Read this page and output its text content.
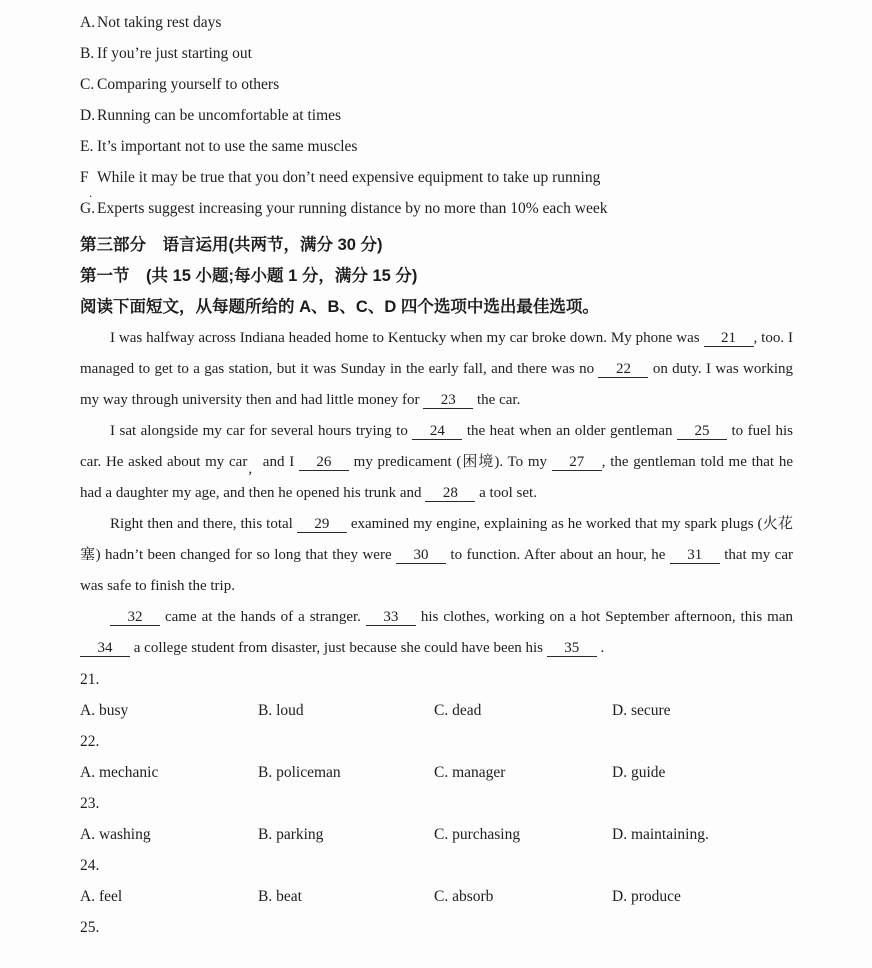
A. Not taking rest days

B. If you’re just starting out

C. Comparing yourself to others

D. Running can be uncomfortable at times

E. It’s important not to use the same muscles

F While it may be true that you don’t need expensive equipment to take up running
.

G. Experts suggest increasing your running distance by no more than 10% each week

第三部分　语言运用(共两节，满分 30 分)

第一节　(共 15 小题;每小题 1 分，满分 15 分)

阅读下面短文，从每题所给的 A、B、C、D 四个选项中选出最佳选项。

I was halfway across Indiana headed home to Kentucky when my car broke down. My phone was 21 , too. I managed to get to a gas station, but it was Sunday in the early fall, and there was no 22 on duty. I was working my way through university then and had little money for 23 the car.

I sat alongside my car for several hours trying to 24 the heat when an older gentleman 25 to fuel his car. He asked about my car, and I 26 my predicament (困境). To my 27 , the gentleman told me that he had a daughter my age, and then he opened his trunk and 28 a tool set.

Right then and there, this total 29 examined my engine, explaining as he worked that my spark plugs (火花塞) hadn’t been changed for so long that they were 30 to function. After about an hour, he 31 that my car was safe to finish the trip.

32 came at the hands of a stranger. 33 his clothes, working on a hot September afternoon, this man 34 a college student from disaster, just because she could have been his 35 .

21.

A. busy	B. loud	C. dead	D. secure

22.

A. mechanic	B. policeman	C. manager	D. guide

23.

A. washing	B. parking	C. purchasing	D. maintaining.

24.

A. feel	B. beat	C. absorb	D. produce

25.
